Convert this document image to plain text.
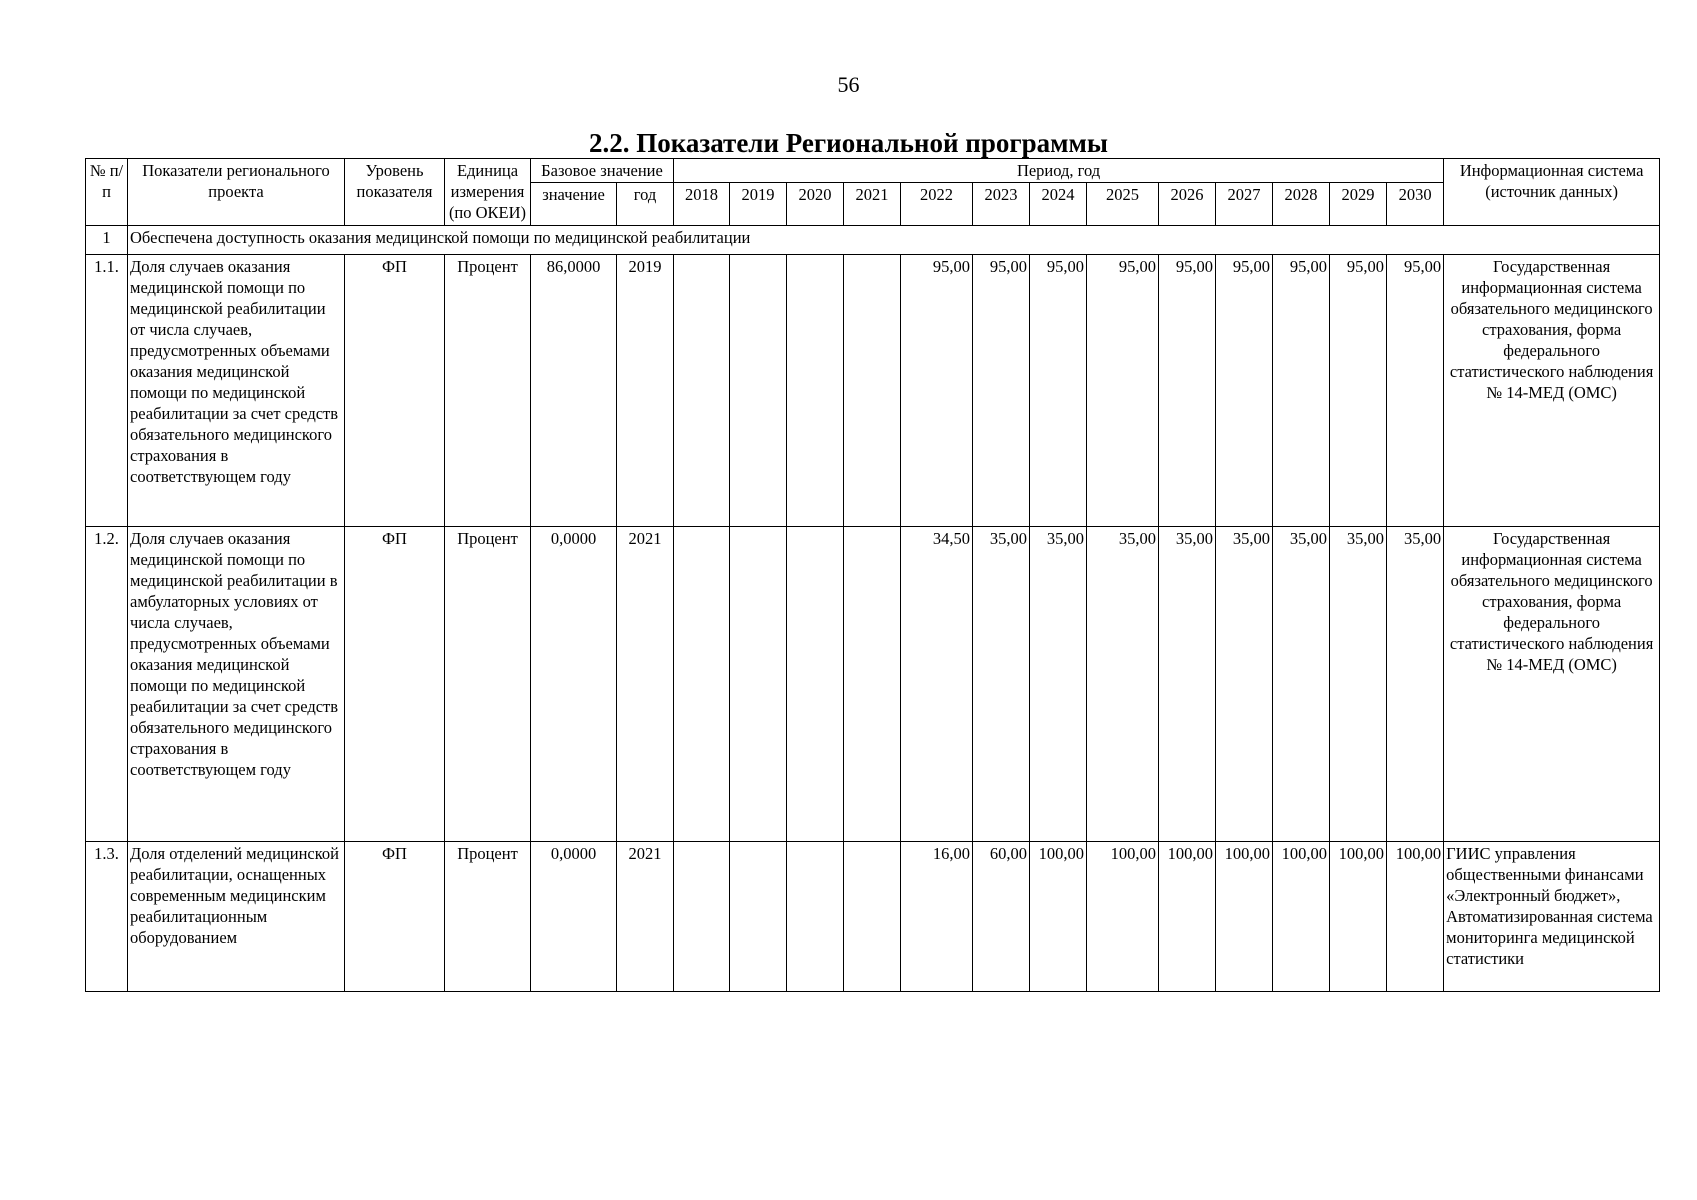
56
2.2. Показатели Региональной программы
№ п/п	Показатели регионального проекта	Уровень показателя	Единица измерения (по ОКЕИ)	Базовое значение		Период, год													Информационная система (источник данных)
				значение	год	2018	2019	2020	2021	2022	2023	2024	2025	2026	2027	2028	2029	2030	
1	Обеспечена доступность оказания медицинской помощи по медицинской реабилитации																		
1.1.	Доля случаев оказания медицинской помощи по медицинской реабилитации от числа случаев, предусмотренных объемами оказания медицинской помощи по медицинской реабилитации за счет средств обязательного медицинского страхования в соответствующем году	ФП	Процент	86,0000	2019					95,00	95,00	95,00	95,00	95,00	95,00	95,00	95,00	95,00	Государственная информационная система обязательного медицинского страхования, форма федерального статистического наблюдения № 14-МЕД (ОМС)
1.2.	Доля случаев оказания медицинской помощи по медицинской реабилитации в амбулаторных условиях от числа случаев, предусмотренных объемами оказания медицинской помощи по медицинской реабилитации за счет средств обязательного медицинского страхования в соответствующем году	ФП	Процент	0,0000	2021					34,50	35,00	35,00	35,00	35,00	35,00	35,00	35,00	35,00	Государственная информационная система обязательного медицинского страхования, форма федерального статистического наблюдения № 14-МЕД (ОМС)
1.3.	Доля отделений медицинской реабилитации, оснащенных современным медицинским реабилитационным оборудованием	ФП	Процент	0,0000	2021					16,00	60,00	100,00	100,00	100,00	100,00	100,00	100,00	100,00	ГИИС управления общественными финансами «Электронный бюджет», Автоматизированная система мониторинга медицинской статистики
